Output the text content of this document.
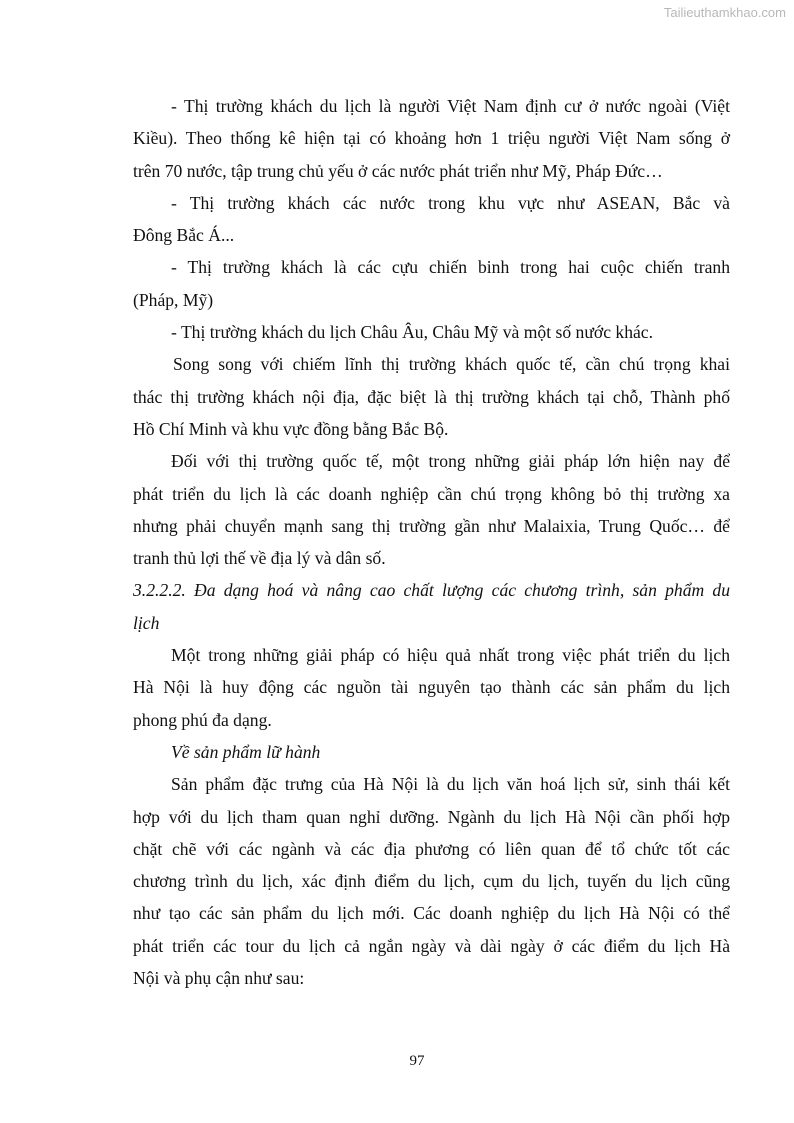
Tailieuthamkhao.com
- Thị trường khách du lịch là người Việt Nam định cư ở nước ngoài (Việt
Kiều). Theo thống kê hiện tại có khoảng hơn 1 triệu người Việt Nam sống ở
trên 70 nước, tập trung chủ yếu ở các nước phát triển như Mỹ, Pháp Đức…
- Thị trường khách các nước trong khu vực như ASEAN, Bắc và
Đông Bắc Á...
- Thị trường khách là các cựu chiến binh trong hai cuộc chiến tranh
(Pháp, Mỹ)
- Thị trường khách du lịch Châu Âu, Châu Mỹ và một số nước khác.
Song song với chiếm lĩnh thị trường khách quốc tế, cần chú trọng khai
thác thị trường khách nội địa, đặc biệt là thị trường khách tại chỗ, Thành phố
Hồ Chí Minh và khu vực đồng bằng Bắc Bộ.
Đối với thị trường quốc tế, một trong những giải pháp lớn hiện nay để
phát triển du lịch là các doanh nghiệp cần chú trọng không bỏ thị trường xa
nhưng phải chuyển mạnh sang thị trường gần như Malaixia, Trung Quốc… để
tranh thủ lợi thế về địa lý và dân số.
3.2.2.2. Đa dạng hoá và nâng cao chất lượng các chương trình, sản phẩm du
lịch
Một trong những giải pháp có hiệu quả nhất trong việc phát triển du lịch
Hà Nội là huy động các nguồn tài nguyên tạo thành các sản phẩm du lịch
phong phú đa dạng.
Về sản phẩm lữ hành
Sản phẩm đặc trưng của Hà Nội là du lịch văn hoá lịch sử, sinh thái kết
hợp với du lịch tham quan nghỉ dưỡng. Ngành du lịch Hà Nội cần phối hợp
chặt chẽ với các ngành và các địa phương có liên quan để tổ chức tốt các
chương trình du lịch, xác định điểm du lịch, cụm du lịch, tuyến du lịch cũng
như tạo các sản phẩm du lịch mới. Các doanh nghiệp du lịch Hà Nội có thể
phát triển các tour du lịch cả ngắn ngày và dài ngày ở các điểm du lịch Hà
Nội và phụ cận như sau:
97
